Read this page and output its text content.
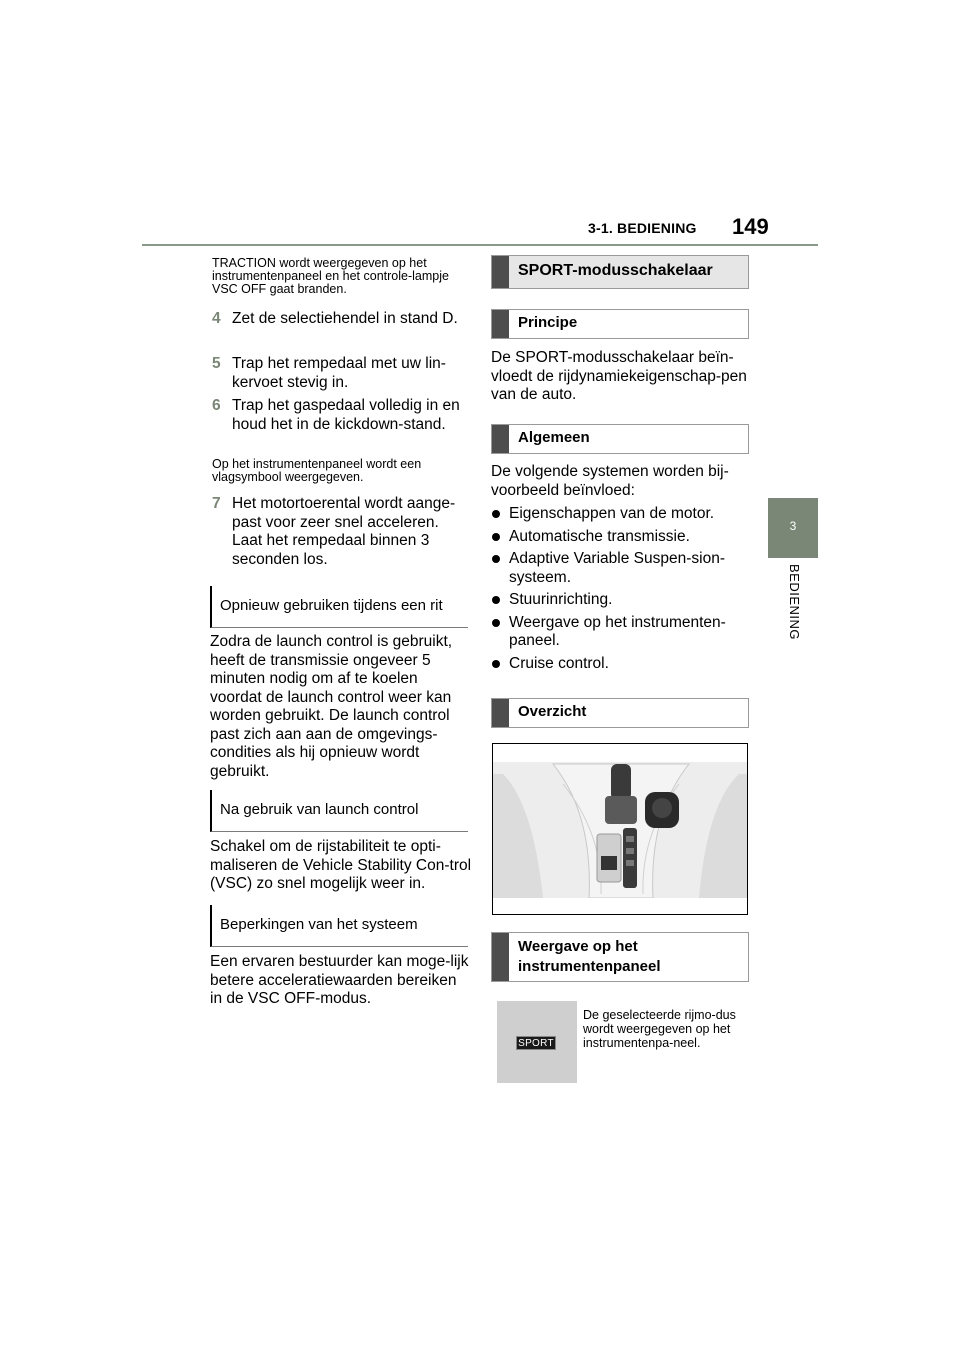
3-1. BEDIENING 149
3
BEDIENING
TRACTION wordt weergegeven op het instrumentenpaneel en het controle-lampje VSC OFF gaat branden.
4 Zet de selectiehendel in stand D.
5 Trap het rempedaal met uw lin-kervoet stevig in.
6 Trap het gaspedaal volledig in en houd het in de kickdown-stand.
Op het instrumentenpaneel wordt een vlagsymbool weergegeven.
7 Het motortoerental wordt aange-past voor zeer snel acceleren. Laat het rempedaal binnen 3 seconden los.
Opnieuw gebruiken tijdens een rit
Zodra de launch control is gebruikt, heeft de transmissie ongeveer 5 minuten nodig om af te koelen voordat de launch control weer kan worden gebruikt. De launch control past zich aan aan de omgevings-condities als hij opnieuw wordt gebruikt.
Na gebruik van launch control
Schakel om de rijstabiliteit te opti-maliseren de Vehicle Stability Con-trol (VSC) zo snel mogelijk weer in.
Beperkingen van het systeem
Een ervaren bestuurder kan moge-lijk betere acceleratiewaarden bereiken in de VSC OFF-modus.
SPORT-modusschakelaar
Principe
De SPORT-modusschakelaar beïn-vloedt de rijdynamiekeigenschap-pen van de auto.
Algemeen
De volgende systemen worden bij-voorbeeld beïnvloed:
Eigenschappen van de motor.
Automatische transmissie.
Adaptive Variable Suspen-sion-systeem.
Stuurinrichting.
Weergave op het instrumenten-paneel.
Cruise control.
Overzicht
Weergave op het
instrumentenpaneel
SPORT
De geselecteerde rijmo-dus wordt weergegeven op het instrumentenpa-neel.
